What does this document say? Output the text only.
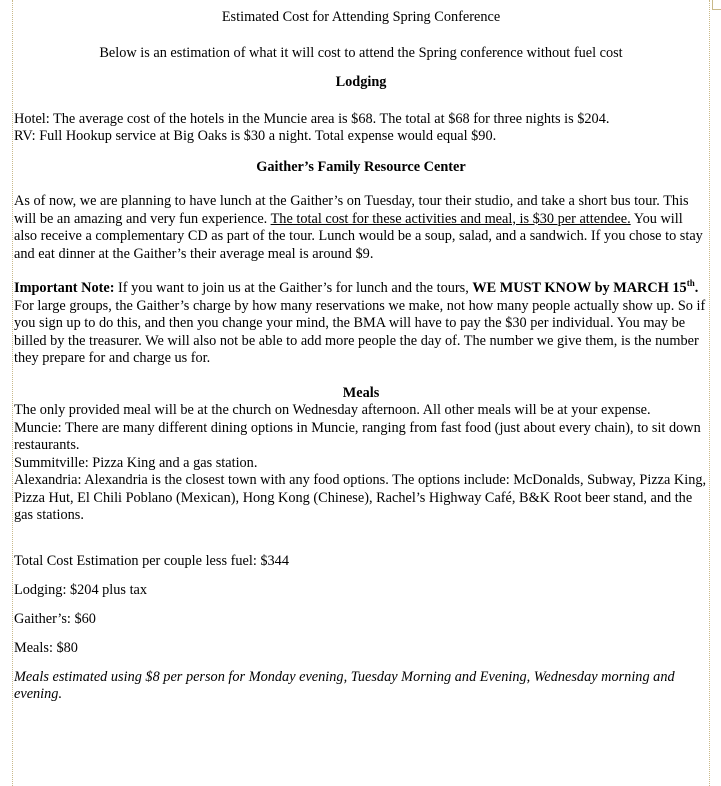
Estimated Cost for Attending Spring Conference

Below is an estimation of what it will cost to attend the Spring conference without fuel cost

Lodging

Hotel: The average cost of the hotels in the Muncie area is $68. The total at $68 for three nights is $204.

RV: Full Hookup service at Big Oaks is $30 a night. Total expense would equal $90.

Gaither’s Family Resource Center

As of now, we are planning to have lunch at the Gaither’s on Tuesday, tour their studio, and take a short bus tour. This will be an amazing and very fun experience. The total cost for these activities and meal, is $30 per attendee. You will also receive a complementary CD as part of the tour. Lunch would be a soup, salad, and a sandwich. If you chose to stay and eat dinner at the Gaither’s their average meal is around $9.

Important Note: If you want to join us at the Gaither’s for lunch and the tours, WE MUST KNOW by MARCH 15th. For large groups, the Gaither’s charge by how many reservations we make, not how many people actually show up. So if you sign up to do this, and then you change your mind, the BMA will have to pay the $30 per individual. You may be billed by the treasurer. We will also not be able to add more people the day of. The number we give them, is the number they prepare for and charge us for.

Meals

The only provided meal will be at the church on Wednesday afternoon. All other meals will be at your expense.

Muncie: There are many different dining options in Muncie, ranging from fast food (just about every chain), to sit down restaurants.

Summitville: Pizza King and a gas station.

Alexandria: Alexandria is the closest town with any food options. The options include: McDonalds, Subway, Pizza King, Pizza Hut, El Chili Poblano (Mexican), Hong Kong (Chinese), Rachel’s Highway Café, B&K Root beer stand, and the gas stations.

Total Cost Estimation per couple less fuel: $344

Lodging: $204 plus tax

Gaither’s: $60

Meals: $80

Meals estimated using $8 per person for Monday evening, Tuesday Morning and Evening, Wednesday morning and evening.
